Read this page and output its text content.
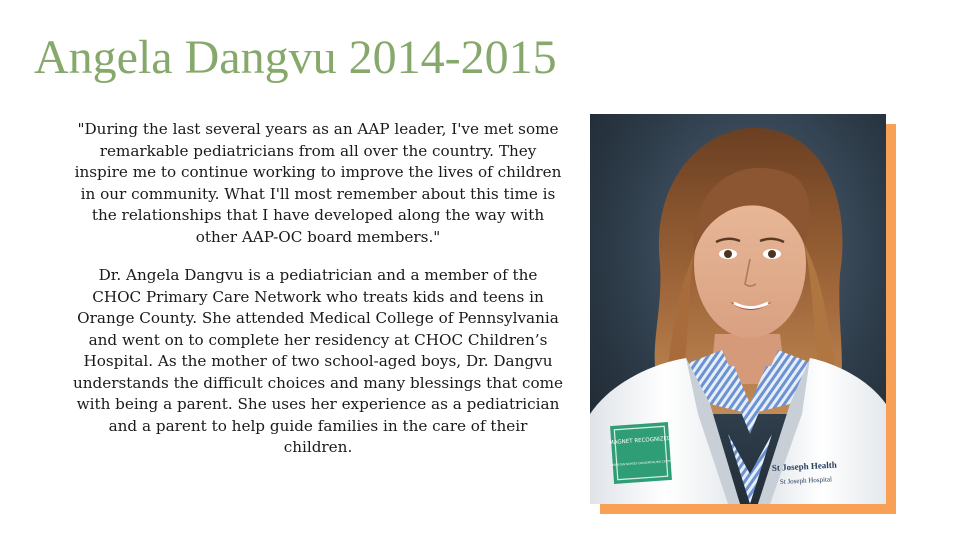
Angela Dangvu 2014-2015

"During the last several years as an AAP leader, I've met some remarkable pediatricians from all over the country. They inspire me to continue working to improve the lives of children in our community. What I'll most remember about this time is the relationships that I have developed along the way with other AAP-OC board members."

Dr. Angela Dangvu is a pediatrician and a member of the CHOC Primary Care Network who treats kids and teens in Orange County. She attended Medical College of Pennsylvania and went on to complete her residency at CHOC Children’s Hospital. As the mother of two school-aged boys, Dr. Dangvu understands the difficult choices and many blessings that come with being a parent. She uses her experience as a pediatrician and a parent to help guide families in the care of their children.	MAGNET RECOGNIZED
AMERICAN NURSES CREDENTIALING CENTER	St Joseph Health
St Joseph Hospital
